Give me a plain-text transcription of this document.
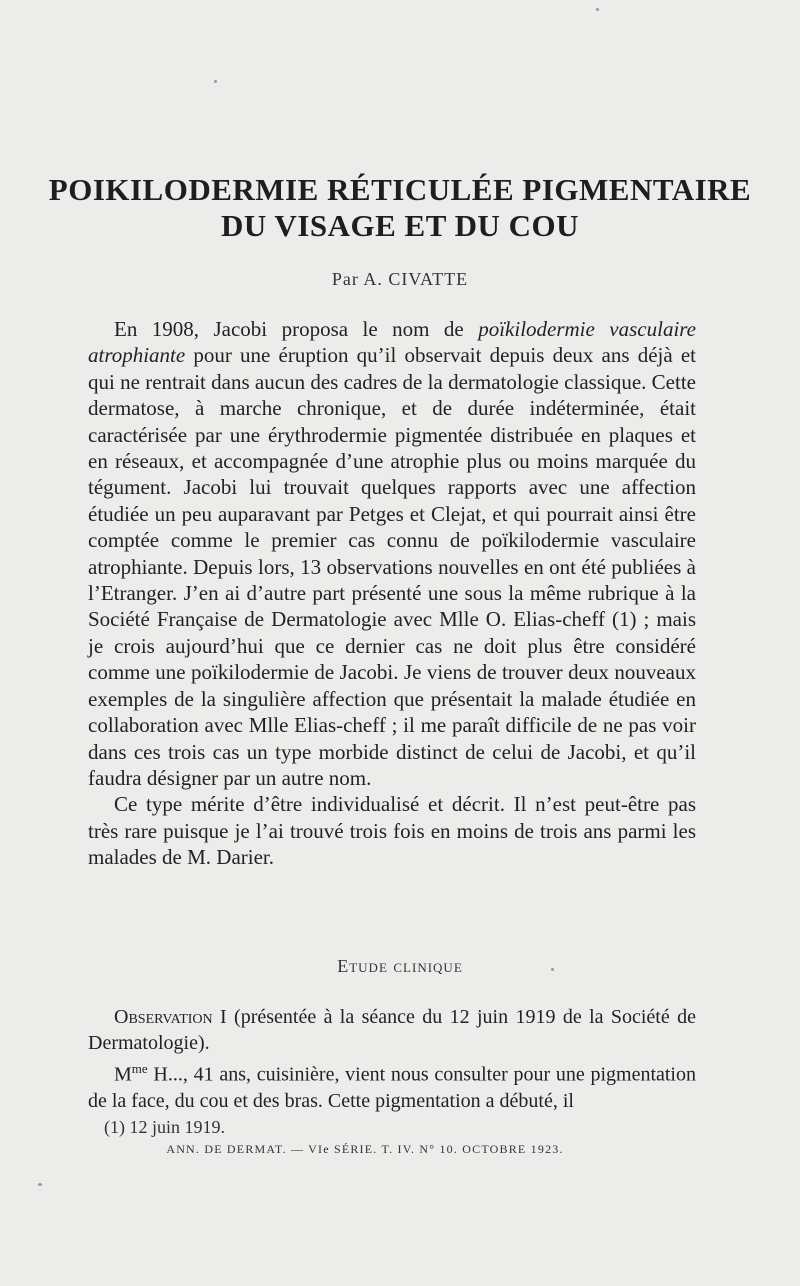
POIKILODERMIE RÉTICULÉE PIGMENTAIRE
DU VISAGE ET DU COU
Par A. CIVATTE

En 1908, Jacobi proposa le nom de poïkilodermie vasculaire atrophiante pour une éruption qu’il observait depuis deux ans déjà et qui ne rentrait dans aucun des cadres de la dermatologie classique. Cette dermatose, à marche chronique, et de durée indéterminée, était caractérisée par une érythrodermie pigmentée distribuée en plaques et en réseaux, et accompagnée d’une atrophie plus ou moins marquée du tégument. Jacobi lui trouvait quelques rapports avec une affection étudiée un peu auparavant par Petges et Clejat, et qui pourrait ainsi être comptée comme le premier cas connu de poïkilodermie vasculaire atrophiante. Depuis lors, 13 observations nouvelles en ont été publiées à l’Etranger. J’en ai d’autre part présenté une sous la même rubrique à la Société Française de Dermatologie avec Mlle O. Elias-cheff (1) ; mais je crois aujourd’hui que ce dernier cas ne doit plus être considéré comme une poïkilodermie de Jacobi. Je viens de trouver deux nouveaux exemples de la singulière affection que présentait la malade étudiée en collaboration avec Mlle Elias-cheff ; il me paraît difficile de ne pas voir dans ces trois cas un type morbide distinct de celui de Jacobi, et qu’il faudra désigner par un autre nom.

Ce type mérite d’être individualisé et décrit. Il n’est peut-être pas très rare puisque je l’ai trouvé trois fois en moins de trois ans parmi les malades de M. Darier.

Etude clinique

Observation I (présentée à la séance du 12 juin 1919 de la Société de Dermatologie).

$M^{me}$ H..., 41 ans, cuisinière, vient nous consulter pour une pigmentation de la face, du cou et des bras. Cette pigmentation a débuté, il

(1) 12 juin 1919.
ANN. DE DERMAT. — VIe SÉRIE. T. IV. N° 10. OCTOBRE 1923.
